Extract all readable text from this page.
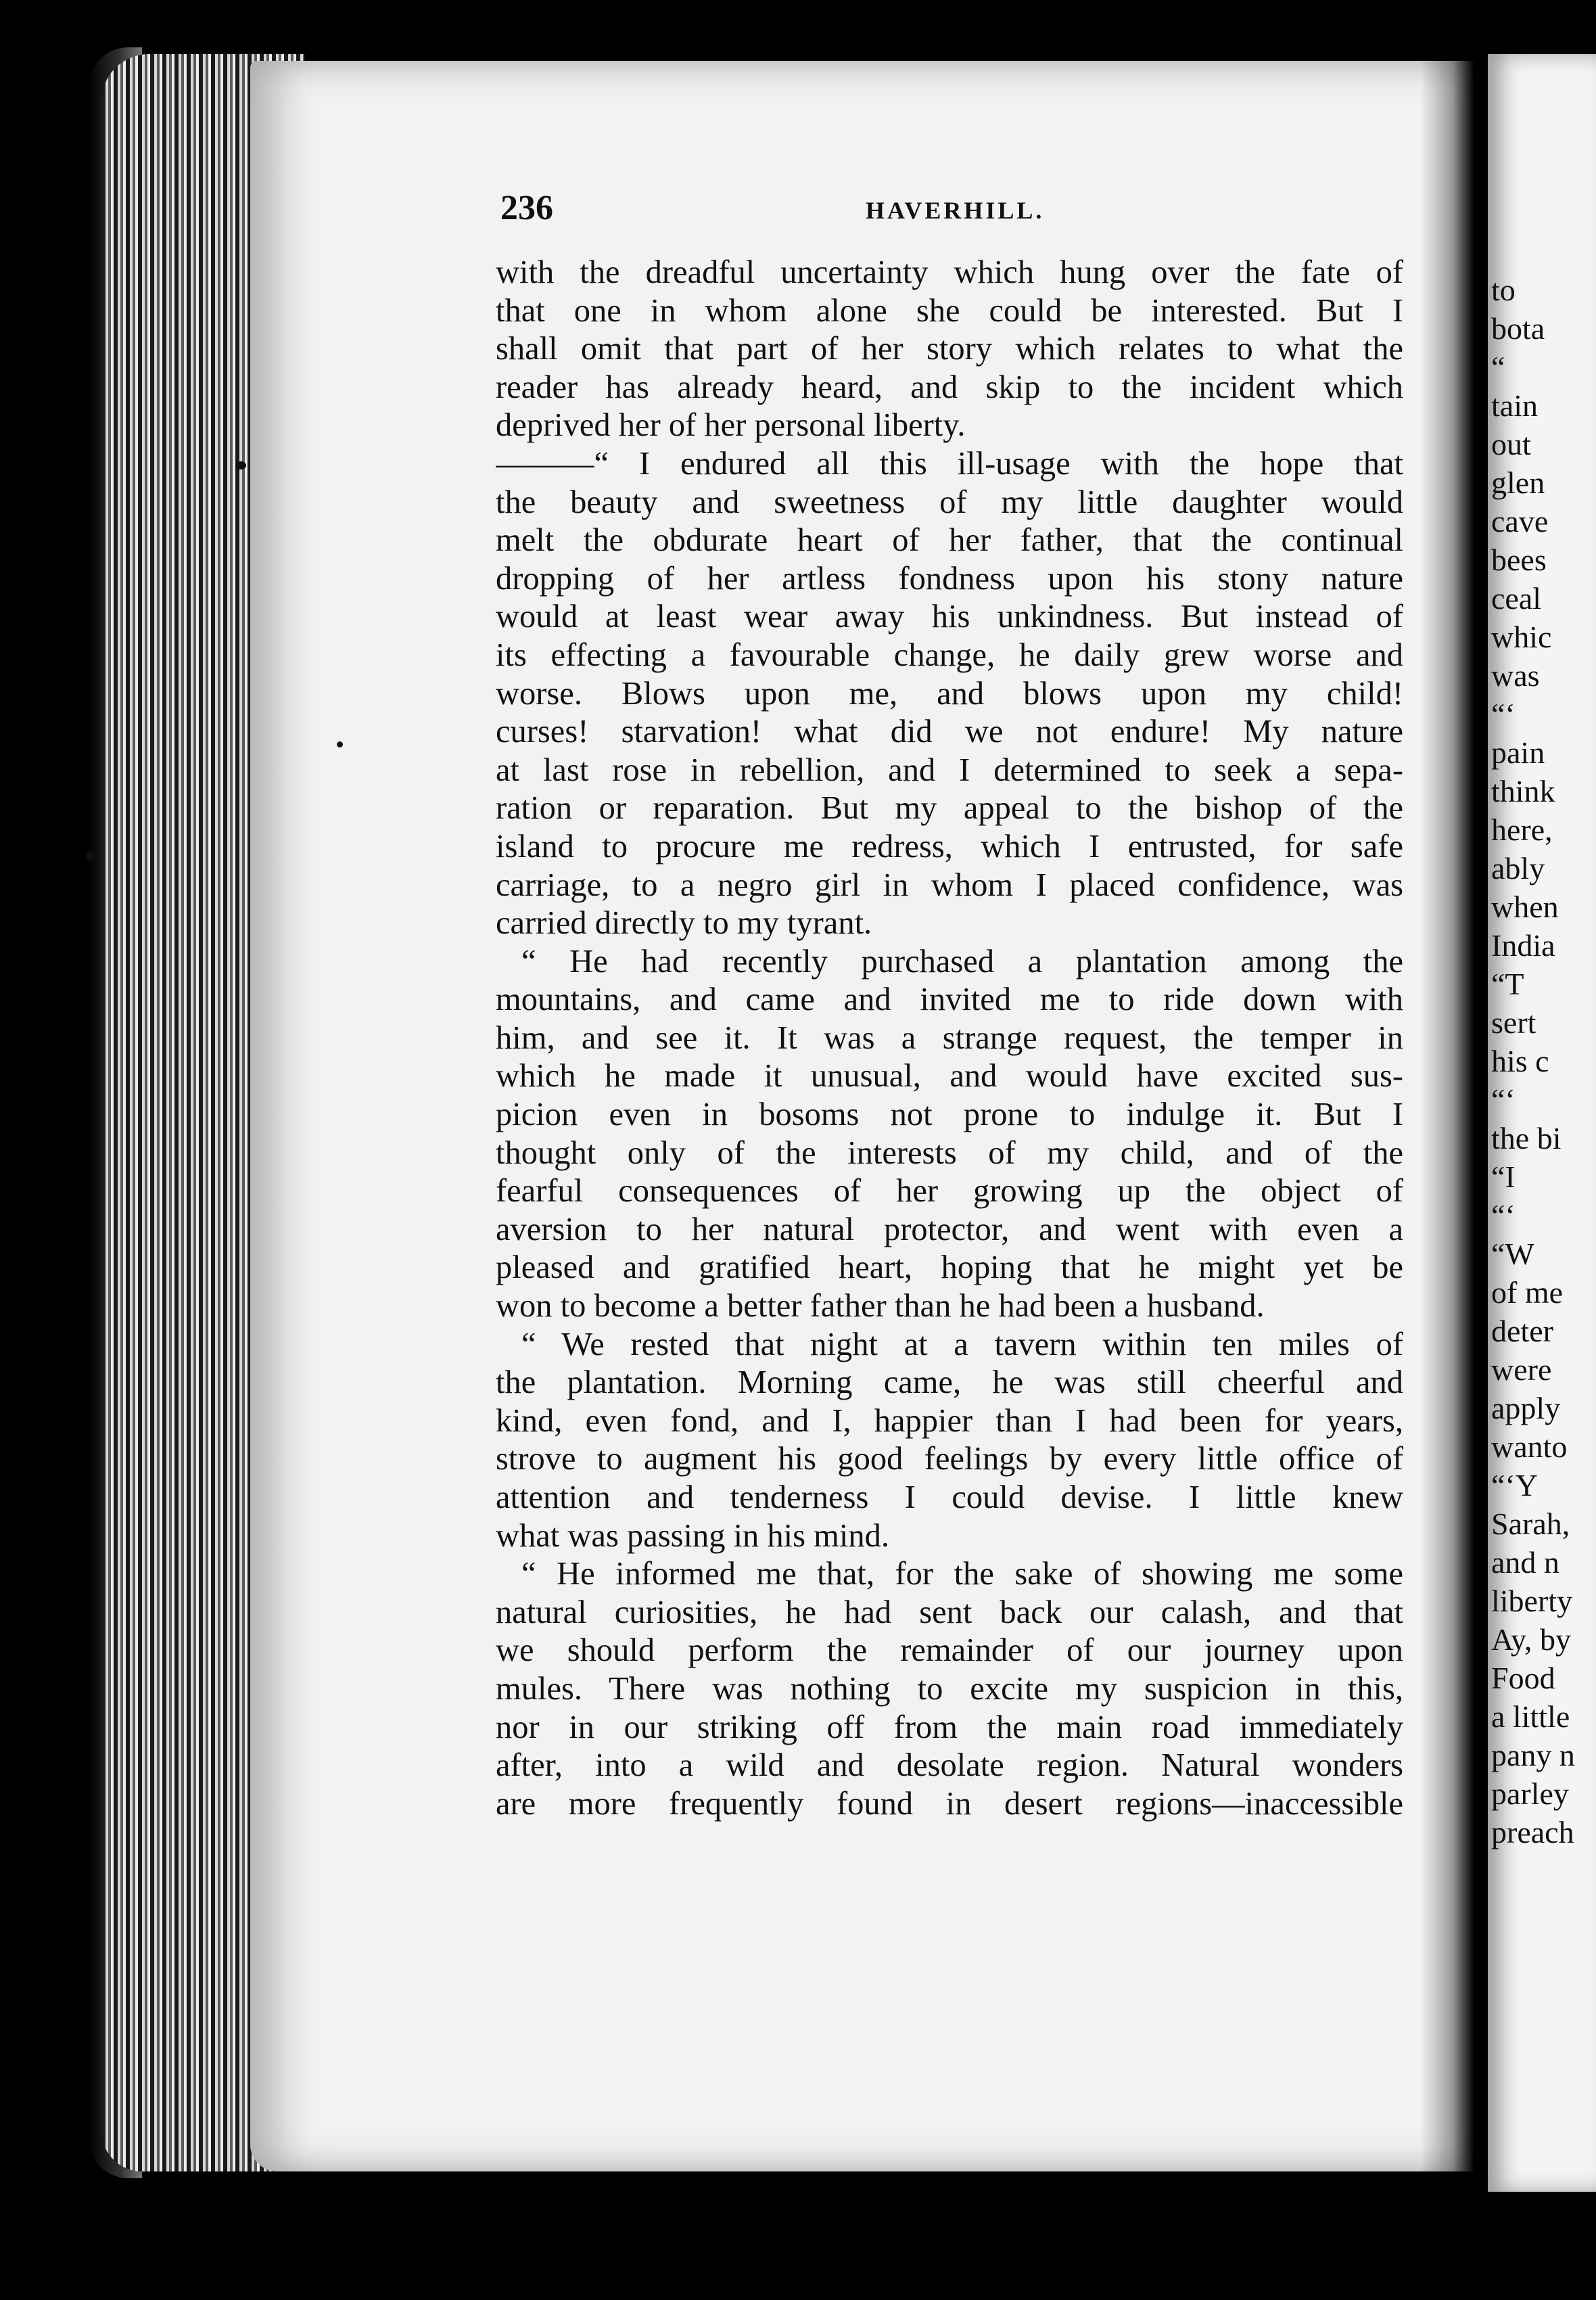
236	HAVERHILL.
with the dreadful uncertainty which hung over the fate of
that one in whom alone she could be interested. But I
shall omit that part of her story which relates to what the
reader has already heard, and skip to the incident which
deprived her of her personal liberty.
———“ I endured all this ill-usage with the hope that
the beauty and sweetness of my little daughter would
melt the obdurate heart of her father, that the continual
dropping of her artless fondness upon his stony nature
would at least wear away his unkindness. But instead of
its effecting a favourable change, he daily grew worse and
worse. Blows upon me, and blows upon my child!
curses! starvation! what did we not endure! My nature
at last rose in rebellion, and I determined to seek a sepa-
ration or reparation. But my appeal to the bishop of the
island to procure me redress, which I entrusted, for safe
carriage, to a negro girl in whom I placed confidence, was
carried directly to my tyrant.
“ He had recently purchased a plantation among the
mountains, and came and invited me to ride down with
him, and see it. It was a strange request, the temper in
which he made it unusual, and would have excited sus-
picion even in bosoms not prone to indulge it. But I
thought only of the interests of my child, and of the
fearful consequences of her growing up the object of
aversion to her natural protector, and went with even a
pleased and gratified heart, hoping that he might yet be
won to become a better father than he had been a husband.
“ We rested that night at a tavern within ten miles of
the plantation. Morning came, he was still cheerful and
kind, even fond, and I, happier than I had been for years,
strove to augment his good feelings by every little office of
attention and tenderness I could devise. I little knew
what was passing in his mind.
“ He informed me that, for the sake of showing me some
natural curiosities, he had sent back our calash, and that
we should perform the remainder of our journey upon
mules. There was nothing to excite my suspicion in this,
nor in our striking off from the main road immediately
after, into a wild and desolate region. Natural wonders
are more frequently found in desert regions—inaccessible
to
bota
“
tain
out
glen
cave
bees
ceal
whic
was
“‘
pain
think
here,
ably
when
India
“T
sert
his c
“‘
the bi
“I
“‘
“W
of me
deter
were
apply
wanto
“‘Y
Sarah,
and n
liberty
Ay, by
Food
a little
pany n
parley
preach
